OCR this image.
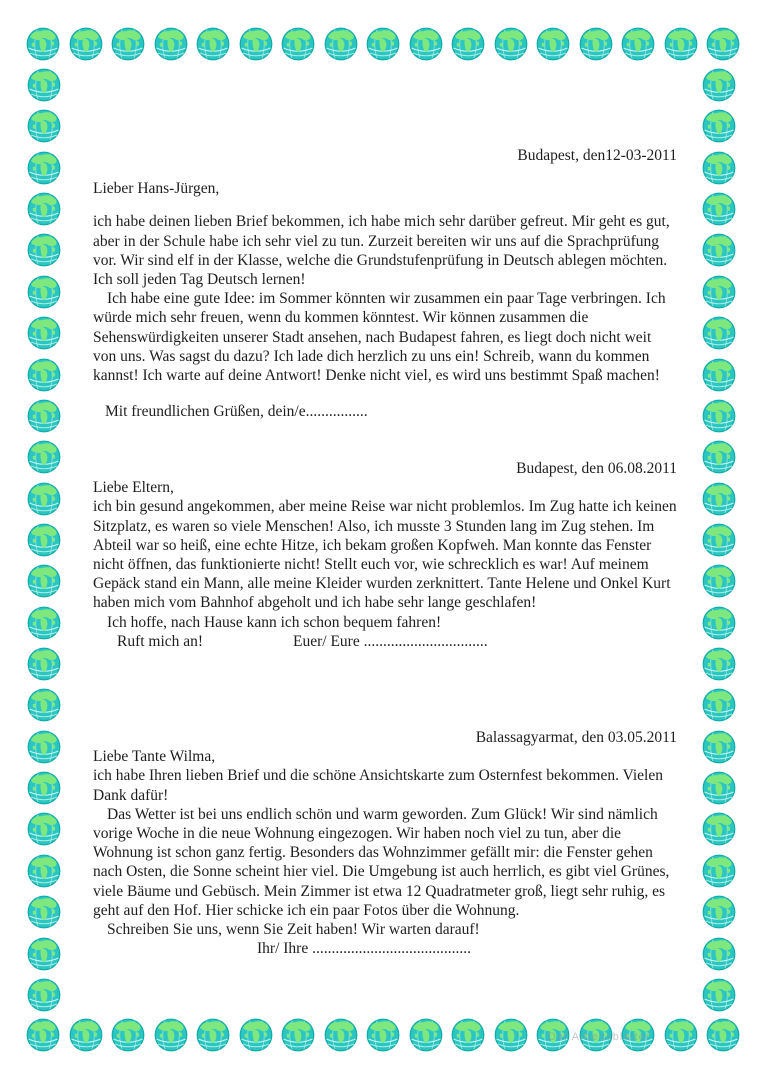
Budapest, den12-03-2011

Lieber Hans-Jürgen,

ich habe deinen lieben Brief bekommen, ich habe mich sehr darüber gefreut. Mir geht es gut, aber in der Schule habe ich sehr viel zu tun. Zurzeit bereiten wir uns auf die Sprachprüfung vor. Wir sind elf in der Klasse, welche die Grundstufenprüfung in Deutsch ablegen möchten. Ich soll jeden Tag Deutsch lernen!

Ich habe eine gute Idee: im Sommer könnten wir zusammen ein paar Tage verbringen. Ich würde mich sehr freuen, wenn du kommen könntest. Wir können zusammen die Sehenswürdigkeiten unserer Stadt ansehen, nach Budapest fahren, es liegt doch nicht weit von uns. Was sagst du dazu? Ich lade dich herzlich zu uns ein! Schreib, wann du kommen kannst! Ich warte auf deine Antwort! Denke nicht viel, es wird uns bestimmt Spaß machen!

Mit freundlichen Grüßen, dein/e................

Budapest, den 06.08.2011

Liebe Eltern,

ich bin gesund angekommen, aber meine Reise war nicht problemlos. Im Zug hatte ich keinen Sitzplatz, es waren so viele Menschen! Also, ich musste 3 Stunden lang im Zug stehen. Im Abteil war so heiß, eine echte Hitze, ich bekam großen Kopfweh. Man konnte das Fenster nicht öffnen, das funktionierte nicht! Stellt euch vor, wie schrecklich es war! Auf meinem Gepäck stand ein Mann, alle meine Kleider wurden zerknittert. Tante Helene und Onkel Kurt haben mich vom Bahnhof abgeholt und ich habe sehr lange geschlafen!

Ich hoffe, nach Hause kann ich schon bequem fahren!

Ruft mich an!	Euer/ Eure ................................

Balassagyarmat, den 03.05.2011

Liebe Tante Wilma,

ich habe Ihren lieben Brief und die schöne Ansichtskarte zum Osternfest bekommen. Vielen Dank dafür!

Das Wetter ist bei uns endlich schön und warm geworden. Zum Glück! Wir sind nämlich vorige Woche in die neue Wohnung eingezogen. Wir haben noch viel zu tun, aber die Wohnung ist schon ganz fertig. Besonders das Wohnzimmer gefällt mir: die Fenster gehen nach Osten, die Sonne scheint hier viel. Die Umgebung ist auch herrlich, es gibt viel Grünes, viele Bäume und Gebüsch. Mein Zimmer ist etwa 12 Quadratmeter groß, liegt sehr ruhig, es geht auf den Hof. Hier schicke ich ein paar Fotos über die Wohnung.

Schreiben Sie uns, wenn Sie Zeit haben! Wir warten darauf!

Ihr/ Ihre .........................................

Daf Arbeitsblätter
